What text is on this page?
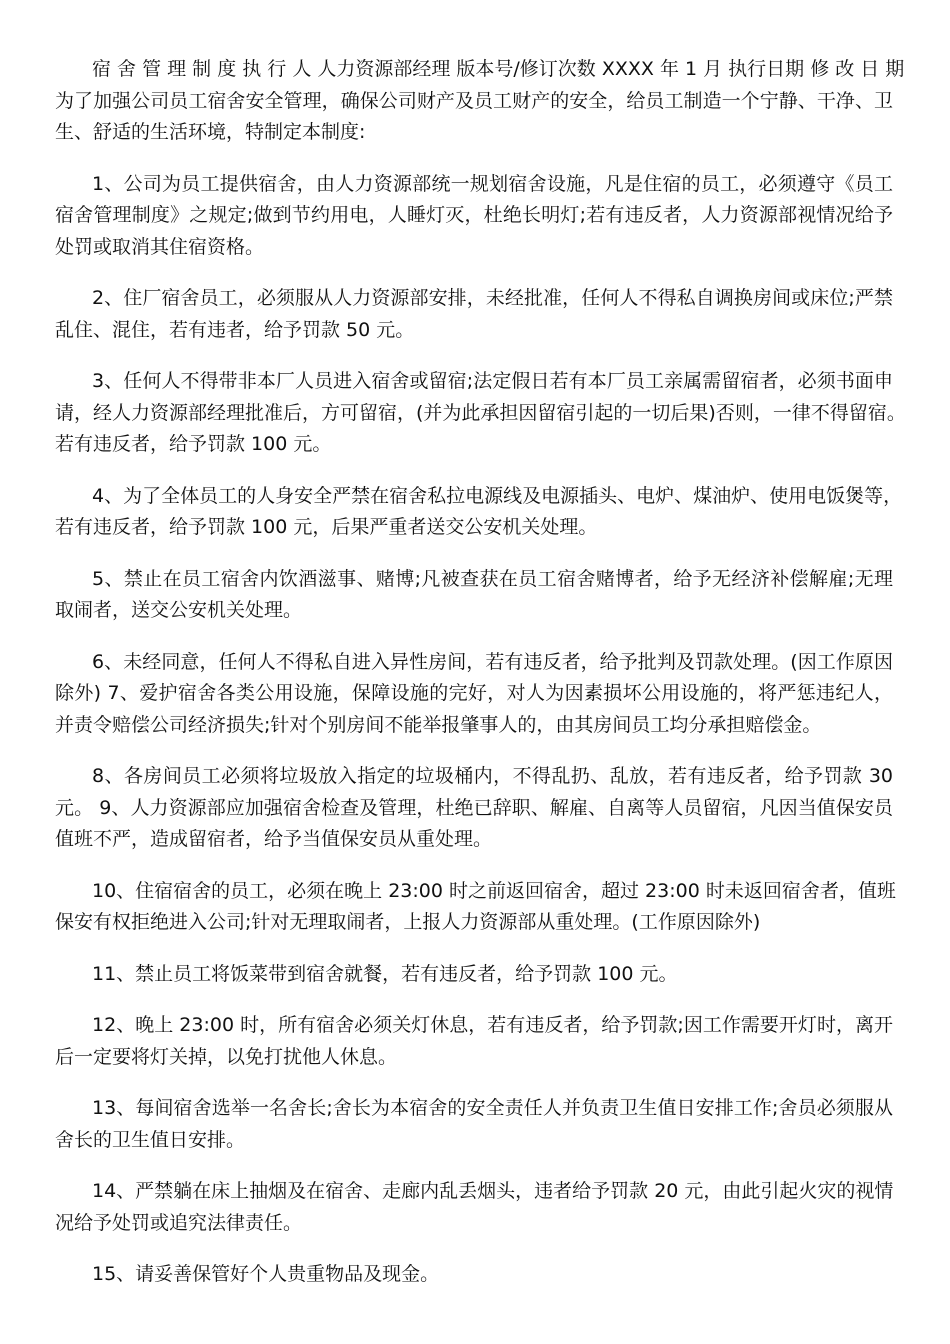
宿 舍 管 理 制 度 执 行 人 人力资源部经理 版本号/修订次数 XXXX 年 1 月 执行日期 修 改 日 期
为了加强公司员工宿舍安全管理，确保公司财产及员工财产的安全，给员工制造一个宁静、干净、卫
生、舒适的生活环境，特制定本制度:
1、公司为员工提供宿舍，由人力资源部统一规划宿舍设施，凡是住宿的员工，必须遵守《员工
宿舍管理制度》之规定;做到节约用电，人睡灯灭，杜绝长明灯;若有违反者，人力资源部视情况给予
处罚或取消其住宿资格。
2、住厂宿舍员工，必须服从人力资源部安排，未经批准，任何人不得私自调换房间或床位;严禁
乱住、混住，若有违者，给予罚款 50 元。
3、任何人不得带非本厂人员进入宿舍或留宿;法定假日若有本厂员工亲属需留宿者，必须书面申
请，经人力资源部经理批准后，方可留宿，(并为此承担因留宿引起的一切后果)否则，一律不得留宿。
若有违反者，给予罚款 100 元。
4、为了全体员工的人身安全严禁在宿舍私拉电源线及电源插头、电炉、煤油炉、使用电饭煲等，
若有违反者，给予罚款 100 元，后果严重者送交公安机关处理。
5、禁止在员工宿舍内饮酒滋事、赌博;凡被查获在员工宿舍赌博者，给予无经济补偿解雇;无理
取闹者，送交公安机关处理。
6、未经同意，任何人不得私自进入异性房间，若有违反者，给予批判及罚款处理。(因工作原因
除外) 7、爱护宿舍各类公用设施，保障设施的完好，对人为因素损坏公用设施的，将严惩违纪人，
并责令赔偿公司经济损失;针对个别房间不能举报肇事人的，由其房间员工均分承担赔偿金。
8、各房间员工必须将垃圾放入指定的垃圾桶内，不得乱扔、乱放，若有违反者，给予罚款 30
元。 9、人力资源部应加强宿舍检查及管理，杜绝已辞职、解雇、自离等人员留宿，凡因当值保安员
值班不严，造成留宿者，给予当值保安员从重处理。
10、住宿宿舍的员工，必须在晚上 23:00 时之前返回宿舍，超过 23:00 时未返回宿舍者，值班
保安有权拒绝进入公司;针对无理取闹者，上报人力资源部从重处理。(工作原因除外)
11、禁止员工将饭菜带到宿舍就餐，若有违反者，给予罚款 100 元。
12、晚上 23:00 时，所有宿舍必须关灯休息，若有违反者，给予罚款;因工作需要开灯时，离开
后一定要将灯关掉，以免打扰他人休息。
13、每间宿舍选举一名舍长;舍长为本宿舍的安全责任人并负责卫生值日安排工作;舍员必须服从
舍长的卫生值日安排。
14、严禁躺在床上抽烟及在宿舍、走廊内乱丢烟头，违者给予罚款 20 元，由此引起火灾的视情
况给予处罚或追究法律责任。
15、请妥善保管好个人贵重物品及现金。
